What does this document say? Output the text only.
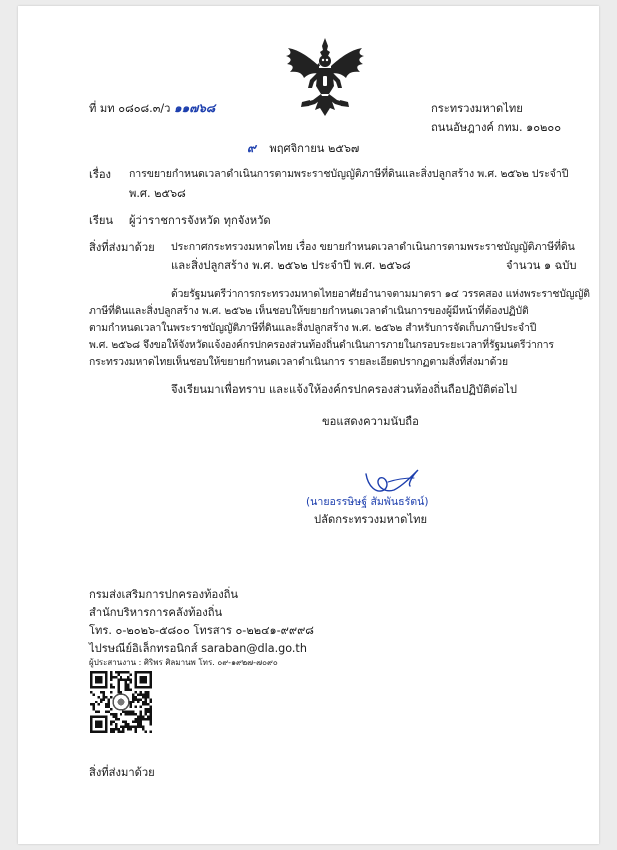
ที่ มท ๐๘๐๘.๓/ว ๑๑๗๖๘	กระทรวงมหาดไทย
ถนนอัษฎางค์ กทม. ๑๐๒๐๐
๙ พฤศจิกายน ๒๕๖๗
เรื่อง การขยายกำหนดเวลาดำเนินการตามพระราชบัญญัติภาษีที่ดินและสิ่งปลูกสร้าง พ.ศ. ๒๕๖๒ ประจำปี
พ.ศ. ๒๕๖๘
เรียน ผู้ว่าราชการจังหวัด ทุกจังหวัด
สิ่งที่ส่งมาด้วย ประกาศกระทรวงมหาดไทย เรื่อง ขยายกำหนดเวลาดำเนินการตามพระราชบัญญัติภาษีที่ดิน
และสิ่งปลูกสร้าง พ.ศ. ๒๕๖๒ ประจำปี พ.ศ. ๒๕๖๘	จำนวน ๑ ฉบับ
ด้วยรัฐมนตรีว่าการกระทรวงมหาดไทยอาศัยอำนาจตามมาตรา ๑๔ วรรคสอง แห่งพระราชบัญญัติ
ภาษีที่ดินและสิ่งปลูกสร้าง พ.ศ. ๒๕๖๒ เห็นชอบให้ขยายกำหนดเวลาดำเนินการของผู้มีหน้าที่ต้องปฏิบัติ
ตามกำหนดเวลาในพระราชบัญญัติภาษีที่ดินและสิ่งปลูกสร้าง พ.ศ. ๒๕๖๒ สำหรับการจัดเก็บภาษีประจำปี
พ.ศ. ๒๕๖๘ จึงขอให้จังหวัดแจ้งองค์กรปกครองส่วนท้องถิ่นดำเนินการภายในกรอบระยะเวลาที่รัฐมนตรีว่าการ
กระทรวงมหาดไทยเห็นชอบให้ขยายกำหนดเวลาดำเนินการ รายละเอียดปรากฏตามสิ่งที่ส่งมาด้วย
จึงเรียนมาเพื่อทราบ และแจ้งให้องค์กรปกครองส่วนท้องถิ่นถือปฏิบัติต่อไป
ขอแสดงความนับถือ
(นายอรรษิษฐ์ สัมพันธรัตน์)
ปลัดกระทรวงมหาดไทย
กรมส่งเสริมการปกครองท้องถิ่น
สำนักบริหารการคลังท้องถิ่น
โทร. ๐-๒๐๒๖-๕๘๐๐ โทรสาร ๐-๒๒๔๑-๙๙๙๘
ไปรษณีย์อิเล็กทรอนิกส์ saraban@dla.go.th
ผู้ประสานงาน : ศิริพร ศิลมานพ โทร. ๐๙-๑๙๒๗-๗๐๙๐
สิ่งที่ส่งมาด้วย
